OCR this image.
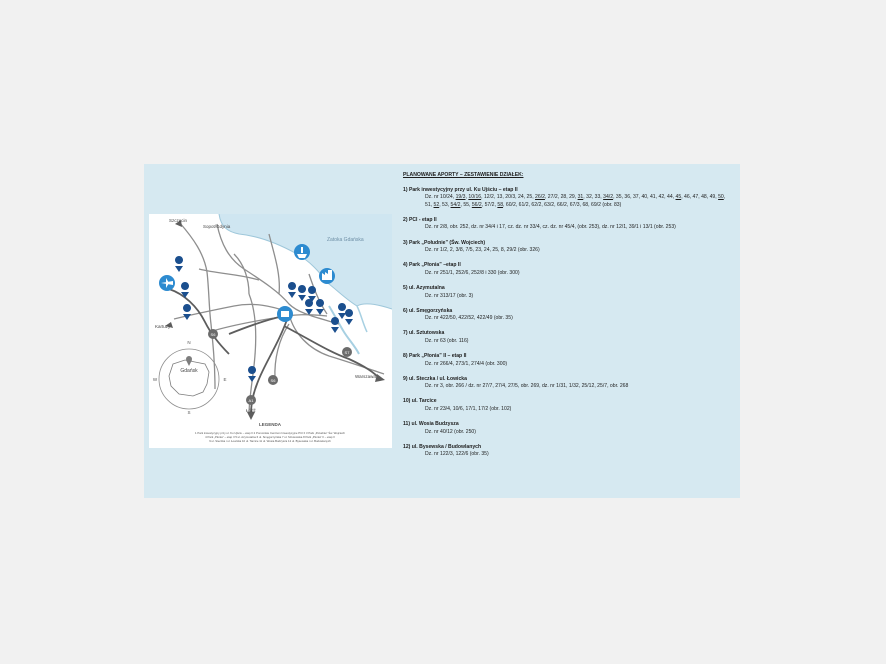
S6
S7
A1
S6
N
S
E
W
Gdańsk
Szczecin
Sopot/Gdynia
Zatoka Gdańska
Kartuzy
Warszawa
Łódź
LEGENDA
1 Park inwestycyjny przy ul. Ku Ujściu – etap II 2 Pomorskie Centrum Inwestycyjne PCI II 3 Park „Południe” Św. Wojciech
4 Park „Płonia” – etap II 5 ul. Azymutalna 6 ul. Smęgorzyńska 7 ul. Sztutowska 8 Park „Płonia” II – etap II
9 ul. Steczka i ul. Łowicka 10 ul. Tarcice 11 ul. Wosia Budzysza 12 ul. Bysewska i ul. Budowlanych
PLANOWANE APORTY – ZESTAWIENIE DZIAŁEK:
1) Park inwestycyjny przy ul. Ku Ujściu – etap II
Dz. nr 10/24, 19/3, 10/16, 12/2, 13, 20/3, 24, 25, 26/2, 27/2, 28, 29, 31, 32, 33, 34/2, 35, 36, 37, 40, 41, 42, 44, 45, 46, 47, 48, 49, 50, 51, 52, 53, 54/2, 55, 56/2, 57/2, 58, 60/2, 61/2, 62/2, 63/2, 66/2, 67/3, 68, 69/2 (obr. 83)
2) PCI - etap II
Dz. nr 2/8, obr. 252, dz. nr 34/4 i 17, cz. dz. nr 33/4, cz. dz. nr 45/4, (obr. 253), dz. nr 12/1, 39/1 i 13/1 (obr. 253)
3) Park „Południe” (Św. Wojciech)
Dz. nr 1/2, 2, 3/8, 7/5, 23, 24, 25, 8, 29/2 (obr. 326)
4) Park „Płonia” –etap II
Dz. nr 251/1, 252/6, 252/8 i 330 (obr. 300)
5) ul. Azymutalna
Dz. nr 313/17 (obr. 3)
6) ul. Smęgorzyńska
Dz. nr 422/50, 422/52, 422/49 (obr. 35)
7) ul. Sztutowska
Dz. nr 63 (obr. 116)
8) Park „Płonia” II – etap II
Dz. nr 266/4, 273/1, 274/4 (obr. 300)
9) ul. Steczka / ul. Łowicka
Dz. nr 3, obr. 266 / dz. nr 27/7, 27/4, 27/5, obr. 269, dz. nr 1/31, 1/32, 25/12, 25/7, obr. 268
10) ul. Tarcice
Dz. nr 23/4, 10/6, 17/1, 17/2 (obr. 102)
11) ul. Wosia Budzysza
Dz. nr 40/12 (obr. 250)
12) ul. Bysewska / Budowlanych
Dz. nr 122/3, 122/6 (obr. 35)
